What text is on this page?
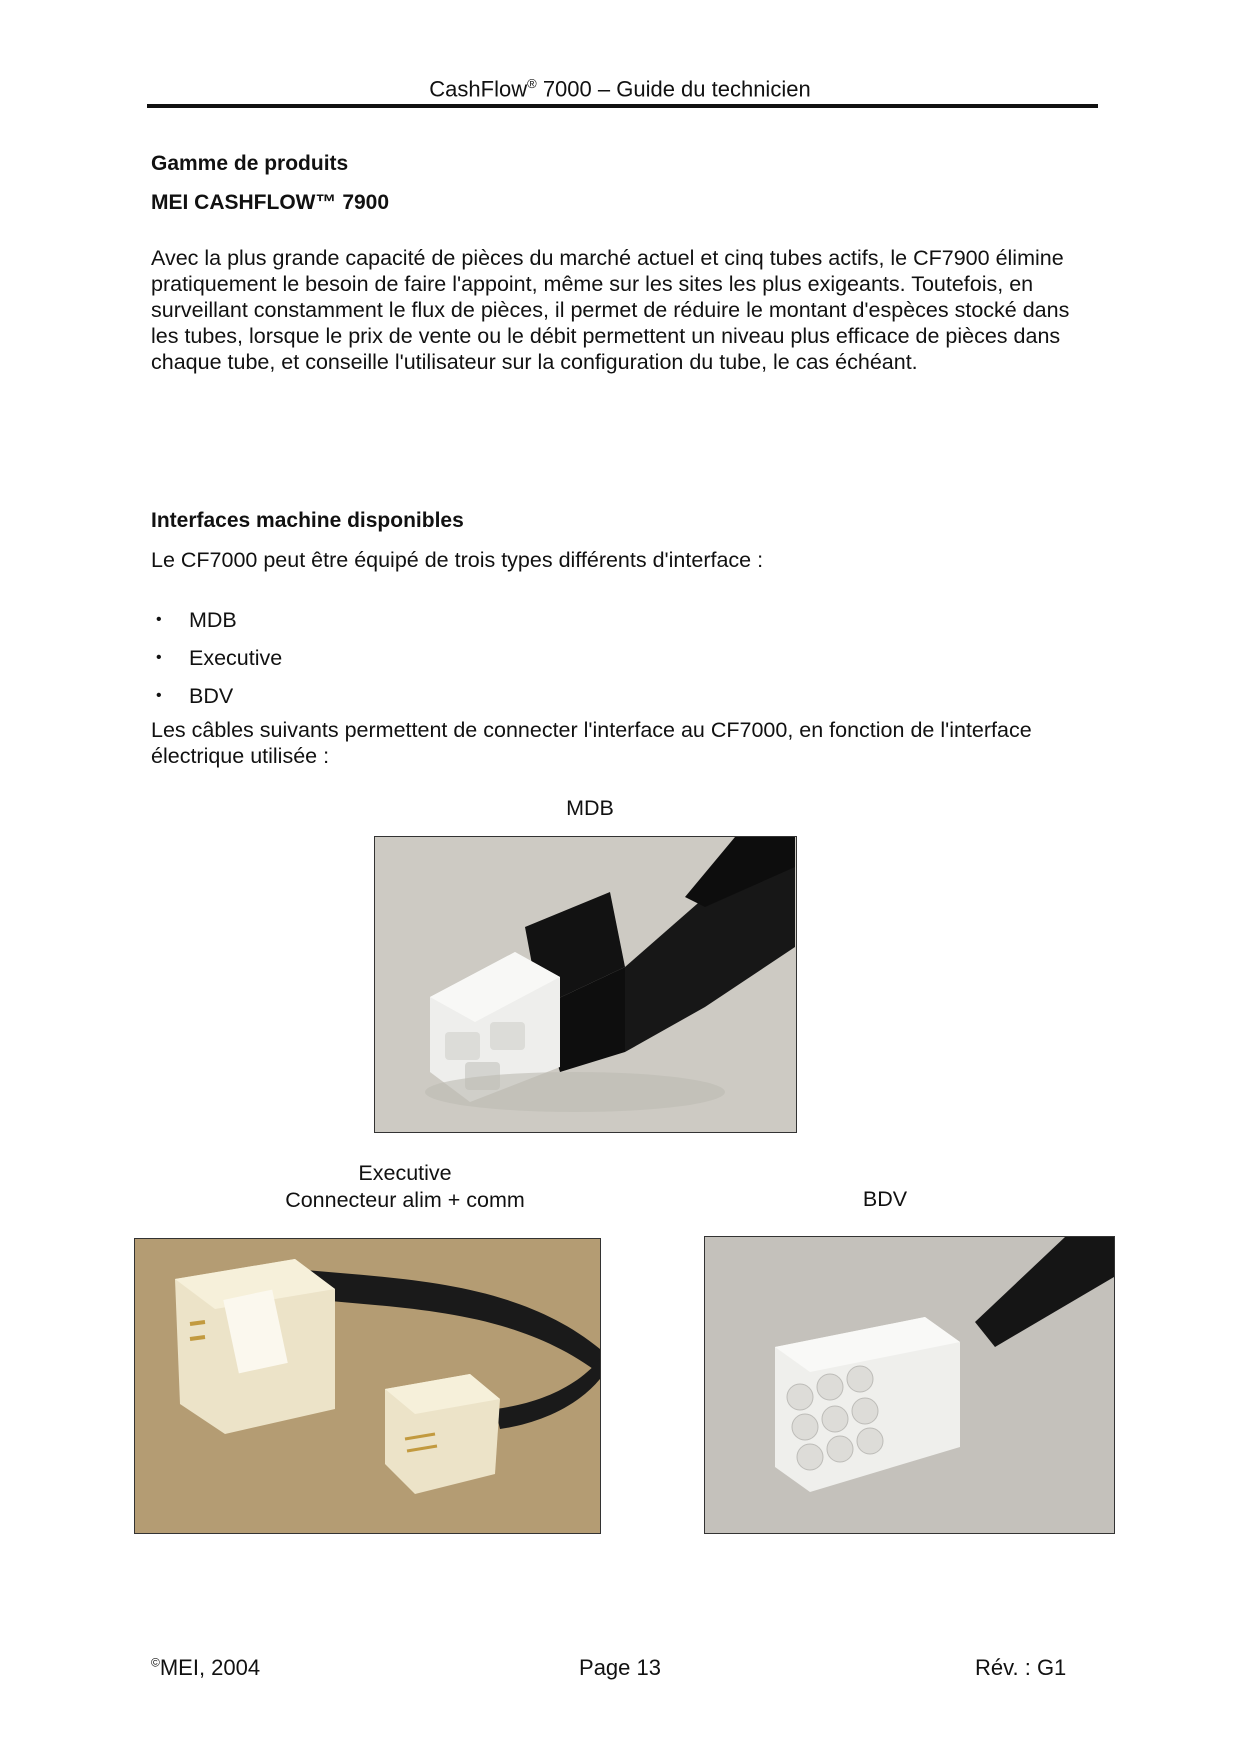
CashFlow® 7000 – Guide du technicien
Gamme de produits
MEI CASHFLOW™ 7900
Avec la plus grande capacité de pièces du marché actuel et cinq tubes actifs, le CF7900 élimine pratiquement le besoin de faire l'appoint, même sur les sites les plus exigeants. Toutefois, en surveillant constamment le flux de pièces, il permet de réduire le montant d'espèces stocké dans les tubes, lorsque le prix de vente ou le débit permettent un niveau plus efficace de pièces dans chaque tube, et conseille l'utilisateur sur la configuration du tube, le cas échéant.
Interfaces machine disponibles
Le CF7000 peut être équipé de trois types différents d'interface :
•	MDB
•	Executive
•	BDV
Les câbles suivants permettent de connecter l'interface au CF7000, en fonction de l'interface électrique utilisée :
MDB
Executive
Connecteur alim + comm	BDV
©MEI, 2004	Page 13	Rév. : G1
